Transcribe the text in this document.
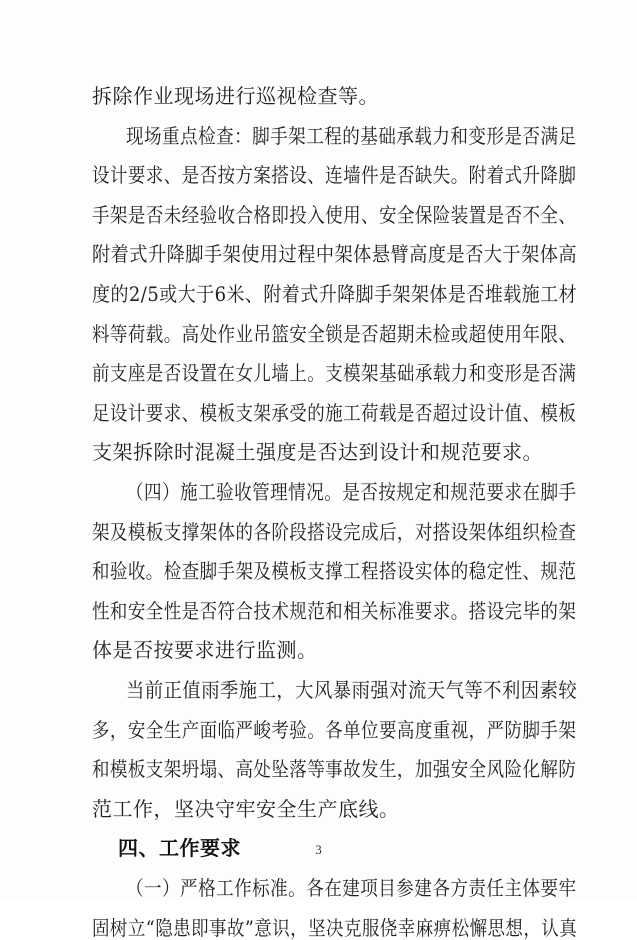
拆除作业现场进行巡视检查等。
现场重点检查：脚手架工程的基础承载力和变形是否满足
设计要求、是否按方案搭设、连墙件是否缺失。附着式升降脚
手架是否未经验收合格即投入使用、安全保险装置是否不全、
附着式升降脚手架使用过程中架体悬臂高度是否大于架体高
度的2/5或大于6米、附着式升降脚手架架体是否堆载施工材
料等荷载。高处作业吊篮安全锁是否超期未检或超使用年限、
前支座是否设置在女儿墙上。支模架基础承载力和变形是否满
足设计要求、模板支架承受的施工荷载是否超过设计值、模板
支架拆除时混凝土强度是否达到设计和规范要求。
（四）施工验收管理情况。是否按规定和规范要求在脚手
架及模板支撑架体的各阶段搭设完成后，对搭设架体组织检查
和验收。检查脚手架及模板支撑工程搭设实体的稳定性、规范
性和安全性是否符合技术规范和相关标准要求。搭设完毕的架
体是否按要求进行监测。
当前正值雨季施工，大风暴雨强对流天气等不利因素较
多，安全生产面临严峻考验。各单位要高度重视，严防脚手架
和模板支架坍塌、高处坠落等事故发生，加强安全风险化解防
范工作，坚决守牢安全生产底线。
四、工作要求
（一）严格工作标准。各在建项目参建各方责任主体要牢
固树立“隐患即事故”意识，坚决克服侥幸麻痹松懈思想，认真
3
